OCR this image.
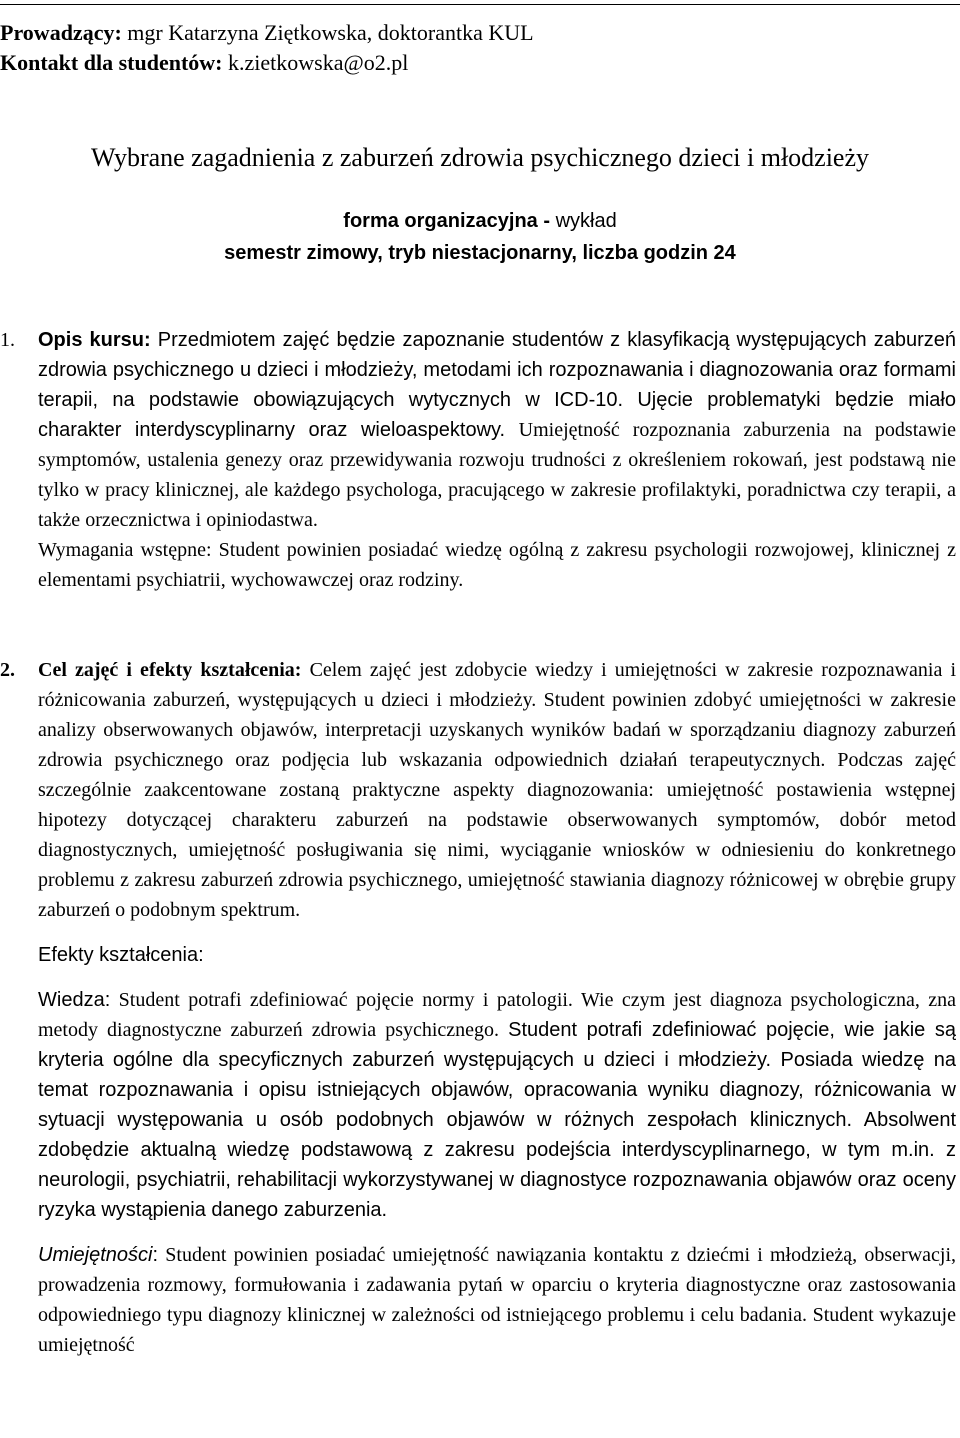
Prowadzący: mgr Katarzyna Ziętkowska, doktorantka KUL
Kontakt dla studentów: k.zietkowska@o2.pl
Wybrane zagadnienia z zaburzeń zdrowia psychicznego dzieci i młodzieży
forma organizacyjna - wykład
semestr zimowy, tryb niestacjonarny, liczba godzin 24
1. Opis kursu: Przedmiotem zajęć będzie zapoznanie studentów z klasyfikacją występujących zaburzeń zdrowia psychicznego u dzieci i młodzieży, metodami ich rozpoznawania i diagnozowania oraz formami terapii, na podstawie obowiązujących wytycznych w ICD-10. Ujęcie problematyki będzie miało charakter interdyscyplinarny oraz wieloaspektowy. Umiejętność rozpoznania zaburzenia na podstawie symptomów, ustalenia genezy oraz przewidywania rozwoju trudności z określeniem rokowań, jest podstawą nie tylko w pracy klinicznej, ale każdego psychologa, pracującego w zakresie profilaktyki, poradnictwa czy terapii, a także orzecznictwa i opiniodastwa.

Wymagania wstępne: Student powinien posiadać wiedzę ogólną z zakresu psychologii rozwojowej, klinicznej z elementami psychiatrii, wychowawczej oraz rodziny.

2. Cel zajęć i efekty kształcenia: Celem zajęć jest zdobycie wiedzy i umiejętności w zakresie rozpoznawania i różnicowania zaburzeń, występujących u dzieci i młodzieży. Student powinien zdobyć umiejętności w zakresie analizy obserwowanych objawów, interpretacji uzyskanych wyników badań w sporządzaniu diagnozy zaburzeń zdrowia psychicznego oraz podjęcia lub wskazania odpowiednich działań terapeutycznych. Podczas zajęć szczególnie zaakcentowane zostaną praktyczne aspekty diagnozowania: umiejętność postawienia wstępnej hipotezy dotyczącej charakteru zaburzeń na podstawie obserwowanych symptomów, dobór metod diagnostycznych, umiejętność posługiwania się nimi, wyciąganie wniosków w odniesieniu do konkretnego problemu z zakresu zaburzeń zdrowia psychicznego, umiejętność stawiania diagnozy różnicowej w obrębie grupy zaburzeń o podobnym spektrum.

Efekty kształcenia:

Wiedza: Student potrafi zdefiniować pojęcie normy i patologii. Wie czym jest diagnoza psychologiczna, zna metody diagnostyczne zaburzeń zdrowia psychicznego. Student potrafi zdefiniować pojęcie, wie jakie są kryteria ogólne dla specyficznych zaburzeń występujących u dzieci i młodzieży. Posiada wiedzę na temat rozpoznawania i opisu istniejących objawów, opracowania wyniku diagnozy, różnicowania w sytuacji występowania u osób podobnych objawów w różnych zespołach klinicznych. Absolwent zdobędzie aktualną wiedzę podstawową z zakresu podejścia interdyscyplinarnego, w tym m.in. z neurologii, psychiatrii, rehabilitacji wykorzystywanej w diagnostyce rozpoznawania objawów oraz oceny ryzyka wystąpienia danego zaburzenia.

Umiejętności: Student powinien posiadać umiejętność nawiązania kontaktu z dziećmi i młodzieżą, obserwacji, prowadzenia rozmowy, formułowania i zadawania pytań w oparciu o kryteria diagnostyczne oraz zastosowania odpowiedniego typu diagnozy klinicznej w zależności od istniejącego problemu i celu badania. Student wykazuje umiejętność
